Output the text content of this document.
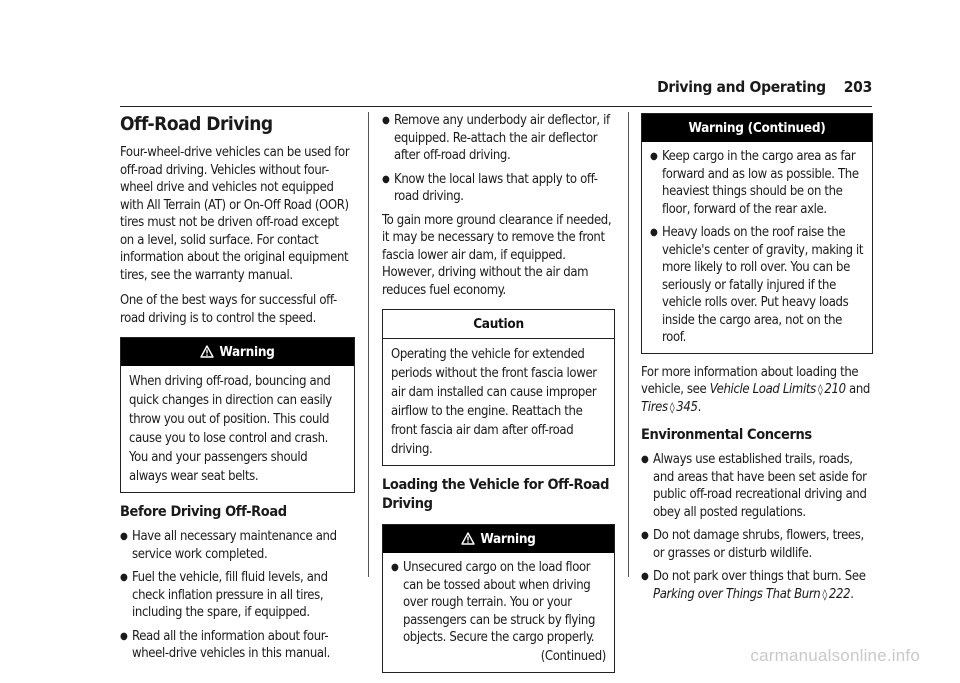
Driving and Operating 203
Off-Road Driving

Four-wheel-drive vehicles can be used for off-road driving. Vehicles without four-wheel drive and vehicles not equipped with All Terrain (AT) or On-Off Road (OOR) tires must not be driven off-road except on a level, solid surface. For contact information about the original equipment tires, see the warranty manual.

One of the best ways for successful off-road driving is to control the speed.

Warning

When driving off-road, bouncing and quick changes in direction can easily throw you out of position. This could cause you to lose control and crash. You and your passengers should always wear seat belts.

Before Driving Off-Road
● Have all necessary maintenance and service work completed.
● Fuel the vehicle, fill fluid levels, and check inflation pressure in all tires, including the spare, if equipped.
● Read all the information about four-wheel-drive vehicles in this manual.
● Remove any underbody air deflector, if equipped. Re-attach the air deflector after off-road driving.
● Know the local laws that apply to off-road driving.

To gain more ground clearance if needed, it may be necessary to remove the front fascia lower air dam, if equipped. However, driving without the air dam reduces fuel economy.

Caution

Operating the vehicle for extended periods without the front fascia lower air dam installed can cause improper airflow to the engine. Reattach the front fascia air dam after off-road driving.

Loading the Vehicle for Off-Road Driving
Warning
● Unsecured cargo on the load floor can be tossed about when driving over rough terrain. You or your passengers can be struck by flying objects. Secure the cargo properly.

(Continued)

Warning (Continued)
● Keep cargo in the cargo area as far forward and as low as possible. The heaviest things should be on the floor, forward of the rear axle.
● Heavy loads on the roof raise the vehicle's center of gravity, making it more likely to roll over. You can be seriously or fatally injured if the vehicle rolls over. Put heavy loads inside the cargo area, not on the roof.

For more information about loading the vehicle, see Vehicle Load Limits ◊ 210 and Tires ◊ 345.

Environmental Concerns
● Always use established trails, roads, and areas that have been set aside for public off-road recreational driving and obey all posted regulations.
● Do not damage shrubs, flowers, trees, or grasses or disturb wildlife.
● Do not park over things that burn. See Parking over Things That Burn ◊ 222.
carmanualsonline.info
